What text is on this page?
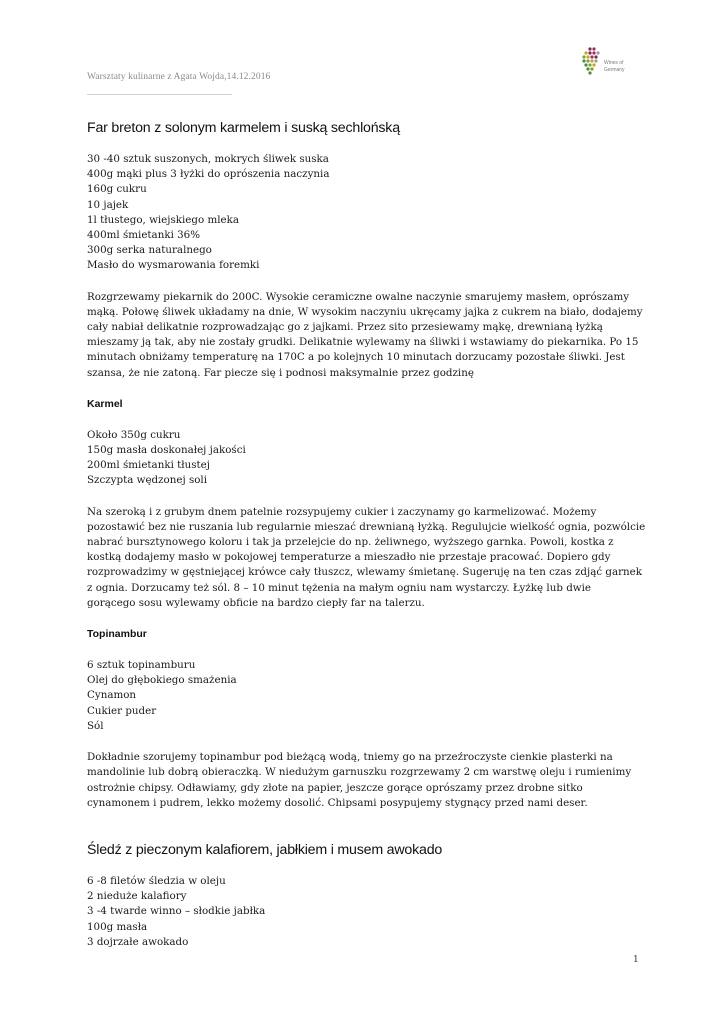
Warsztaty kulinarne z Agata Wojda,14.12.2016
Wines of
Germany
Far breton z solonym karmelem i suską sechlońską
30 -40 sztuk suszonych, mokrych śliwek suska
400g mąki plus 3 łyżki do oprószenia naczynia
160g cukru
10 jajek
1l tłustego, wiejskiego mleka
400ml śmietanki 36%
300g serka naturalnego
Masło do wysmarowania foremki
Rozgrzewamy piekarnik do 200C. Wysokie ceramiczne owalne naczynie smarujemy masłem, oprószamy
mąką. Połowę śliwek układamy na dnie, W wysokim naczyniu ukręcamy jajka z cukrem na biało, dodajemy
cały nabiał delikatnie rozprowadzając go z jajkami. Przez sito przesiewamy mąkę, drewnianą łyżką
mieszamy ją tak, aby nie zostały grudki. Delikatnie wylewamy na śliwki i wstawiamy do piekarnika. Po 15
minutach obniżamy temperaturę na 170C a po kolejnych 10 minutach dorzucamy pozostałe śliwki. Jest
szansa, że nie zatoną. Far piecze się i podnosi maksymalnie przez godzinę
Karmel
Około 350g cukru
150g masła doskonałej jakości
200ml śmietanki tłustej
Szczypta wędzonej soli
Na szeroką i z grubym dnem patelnie rozsypujemy cukier i zaczynamy go karmelizować. Możemy
pozostawić bez nie ruszania lub regularnie mieszać drewnianą łyżką. Regulujcie wielkość ognia, pozwólcie
nabrać bursztynowego koloru i tak ja przelejcie do np. żeliwnego, wyższego garnka. Powoli, kostka z
kostką dodajemy masło w pokojowej temperaturze a mieszadło nie przestaje pracować. Dopiero gdy
rozprowadzimy w gęstniejącej krówce cały tłuszcz, wlewamy śmietanę. Sugeruję na ten czas zdjąć garnek
z ognia. Dorzucamy też sól. 8 – 10 minut tężenia na małym ogniu nam wystarczy. Łyżkę lub dwie
gorącego sosu wylewamy obficie na bardzo ciepły far na talerzu.
Topinambur
6 sztuk topinamburu
Olej do głębokiego smażenia
Cynamon
Cukier puder
Sól
Dokładnie szorujemy topinambur pod bieżącą wodą, tniemy go na przeźroczyste cienkie plasterki na
mandolinie lub dobrą obieraczką. W niedużym garnuszku rozgrzewamy 2 cm warstwę oleju i rumienimy
ostrożnie chipsy. Odławiamy, gdy złote na papier, jeszcze gorące oprószamy przez drobne sitko
cynamonem i pudrem, lekko możemy dosolić. Chipsami posypujemy stygnący przed nami deser.
Śledź z pieczonym kalafiorem, jabłkiem i musem awokado
6 -8 filetów śledzia w oleju
2 nieduże kalafiory
3 -4 twarde winno – słodkie jabłka
100g masła
3 dojrzałe awokado
1
